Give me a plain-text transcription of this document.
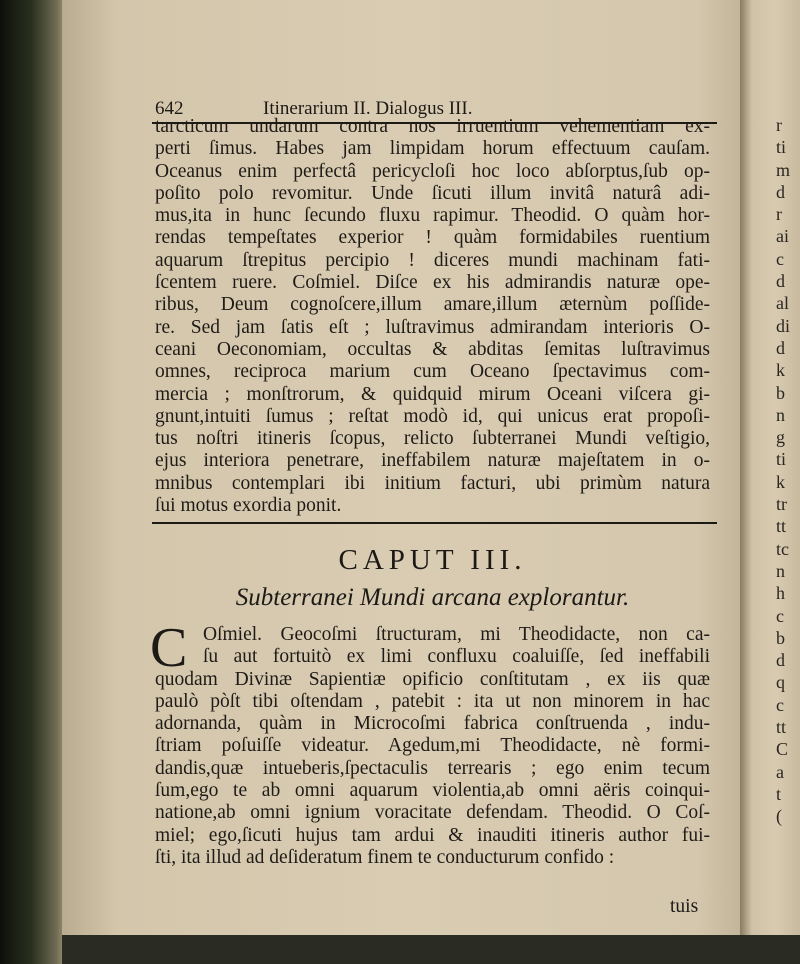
r
ti
m
d
r
ai
c
d
al
di
d
k
b
n
g
ti
k
tr
tt
tc
n
h
c
b
d
q
c
tt
C
a
t
(
642	Itinerarium II. Dialogus III.
tarcticum undarum contra nos irruentium vehementiam ex-
perti ſimus. Habes jam limpidam horum effectuum cauſam.
Oceanus enim perfectâ pericycloſi hoc loco abſorptus,ſub op-
poſito polo revomitur. Unde ſicuti illum invitâ naturâ adi-
mus,ita in hunc ſecundo fluxu rapimur. Theodid. O quàm hor-
rendas tempeſtates experior ! quàm formidabiles ruentium
aquarum ſtrepitus percipio ! diceres mundi machinam fati-
ſcentem ruere. Coſmiel. Diſce ex his admirandis naturæ ope-
ribus, Deum cognoſcere,illum amare,illum æternùm poſſide-
re. Sed jam ſatis eſt ; luſtravimus admirandam interioris O-
ceani Oeconomiam, occultas & abditas ſemitas luſtravimus
omnes, reciproca marium cum Oceano ſpectavimus com-
mercia ; monſtrorum, & quidquid mirum Oceani viſcera gi-
gnunt,intuiti ſumus ; reſtat modò id, qui unicus erat propoſi-
tus noſtri itineris ſcopus, relicto ſubterranei Mundi veſtigio,
ejus interiora penetrare, ineffabilem naturæ majeſtatem in o-
mnibus contemplari ibi initium facturi, ubi primùm natura
ſui motus exordia ponit.
CAPUT III.
Subterranei Mundi arcana explorantur.
C Oſmiel. Geocoſmi ſtructuram, mi Theodidacte, non ca-
ſu aut fortuitò ex limi confluxu coaluiſſe, ſed ineffabili
quodam Divinæ Sapientiæ opificio conſtitutam , ex iis quæ
paulò pòſt tibi oſtendam , patebit : ita ut non minorem in hac
adornanda, quàm in Microcoſmi fabrica conſtruenda , indu-
ſtriam poſuiſſe videatur. Agedum,mi Theodidacte, nè formi-
dandis,quæ intueberis,ſpectaculis terrearis ; ego enim tecum
ſum,ego te ab omni aquarum violentia,ab omni aëris coinqui-
natione,ab omni ignium voracitate defendam. Theodid. O Coſ-
miel; ego,ſicuti hujus tam ardui & inauditi itineris author fui-
ſti, ita illud ad deſideratum finem te conducturum confido :
tuis
